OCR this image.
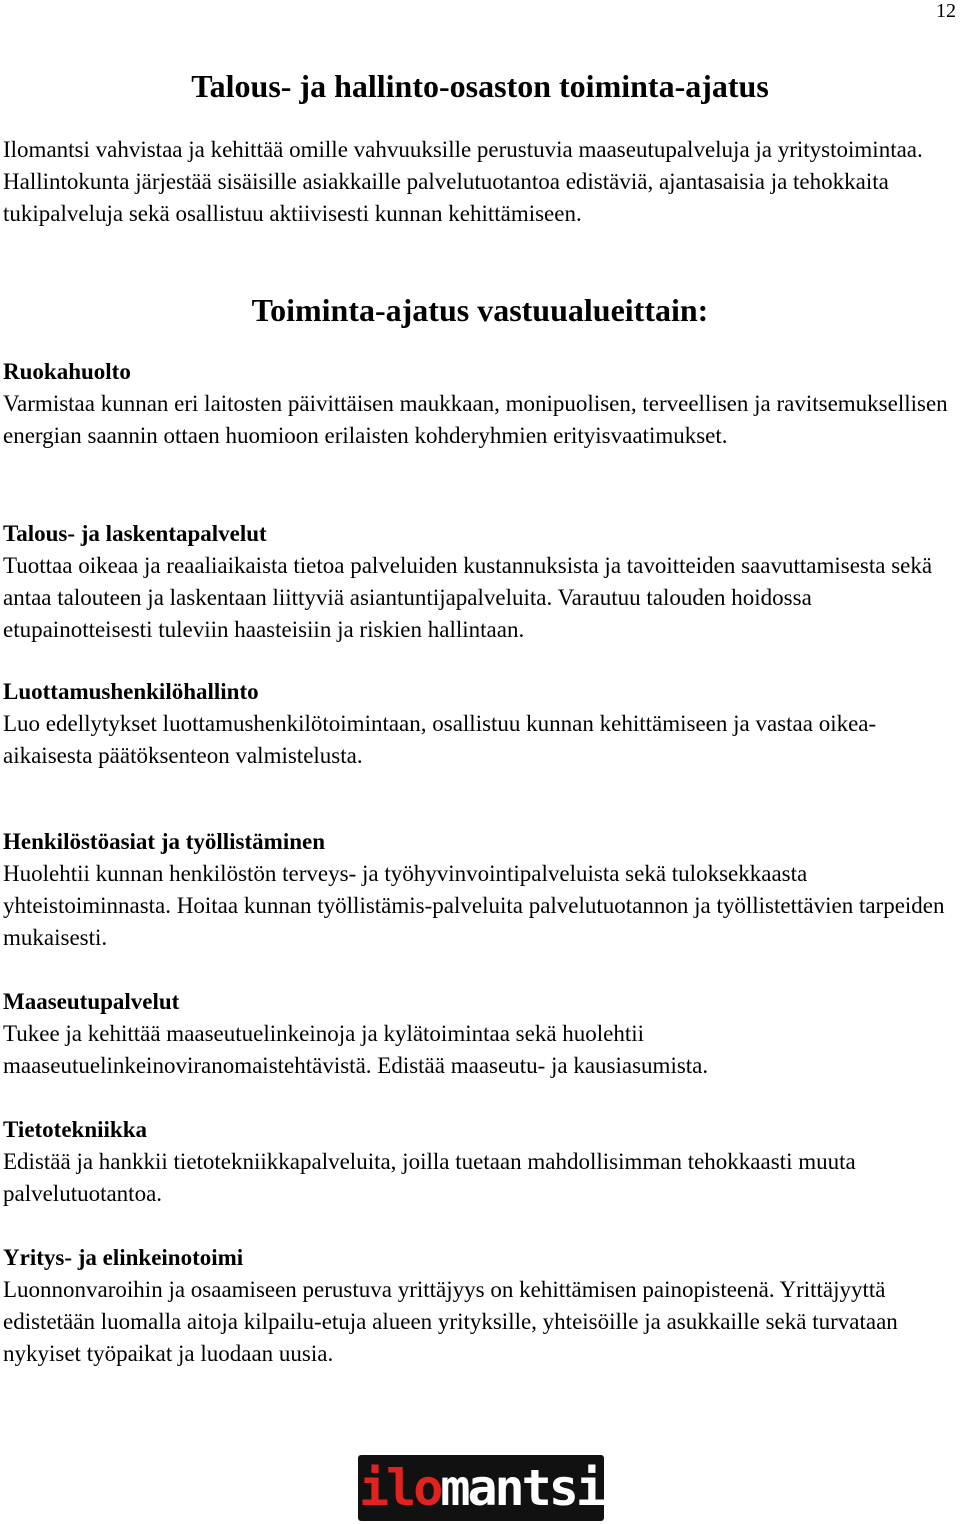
12
Talous- ja hallinto-osaston toiminta-ajatus

Ilomantsi vahvistaa ja kehittää omille vahvuuksille perustuvia maaseutupalveluja ja yritystoimintaa. Hallintokunta järjestää sisäisille asiakkaille palvelutuotantoa edistäviä, ajantasaisia ja tehokkaita tukipalveluja sekä osallistuu aktiivisesti kunnan kehittämiseen.

Toiminta-ajatus vastuualueittain:
Ruokahuolto

Varmistaa kunnan eri laitosten päivittäisen maukkaan, monipuolisen, terveellisen ja ravitsemuksellisen energian saannin ottaen huomioon erilaisten kohderyhmien erityisvaatimukset.

Talous- ja laskentapalvelut

Tuottaa oikeaa ja reaaliaikaista tietoa palveluiden kustannuksista ja tavoitteiden saavuttamisesta sekä antaa talouteen ja laskentaan liittyviä asiantuntijapalveluita. Varautuu talouden hoidossa etupainotteisesti tuleviin haasteisiin ja riskien hallintaan.

Luottamushenkilöhallinto

Luo edellytykset luottamushenkilötoimintaan, osallistuu kunnan kehittämiseen ja vastaa oikea-aikaisesta päätöksenteon valmistelusta.

Henkilöstöasiat ja työllistäminen

Huolehtii kunnan henkilöstön terveys- ja työhyvinvointipalveluista sekä tuloksekkaasta yhteistoiminnasta. Hoitaa kunnan työllistämis-palveluita palvelutuotannon ja työllistettävien tarpeiden mukaisesti.

Maaseutupalvelut

Tukee ja kehittää maaseutuelinkeinoja ja kylätoimintaa sekä huolehtii maaseutuelinkeinoviranomaistehtävistä. Edistää maaseutu- ja kausiasumista.

Tietotekniikka

Edistää ja hankkii tietotekniikkapalveluita, joilla tuetaan mahdollisimman tehokkaasti muuta palvelutuotantoa.

Yritys- ja elinkeinotoimi

Luonnonvaroihin ja osaamiseen perustuva yrittäjyys on kehittämisen painopisteenä. Yrittäjyyttä edistetään luomalla aitoja kilpailu-etuja alueen yrityksille, yhteisöille ja asukkaille sekä turvataan nykyiset työpaikat ja luodaan uusia.

ilomantsi
